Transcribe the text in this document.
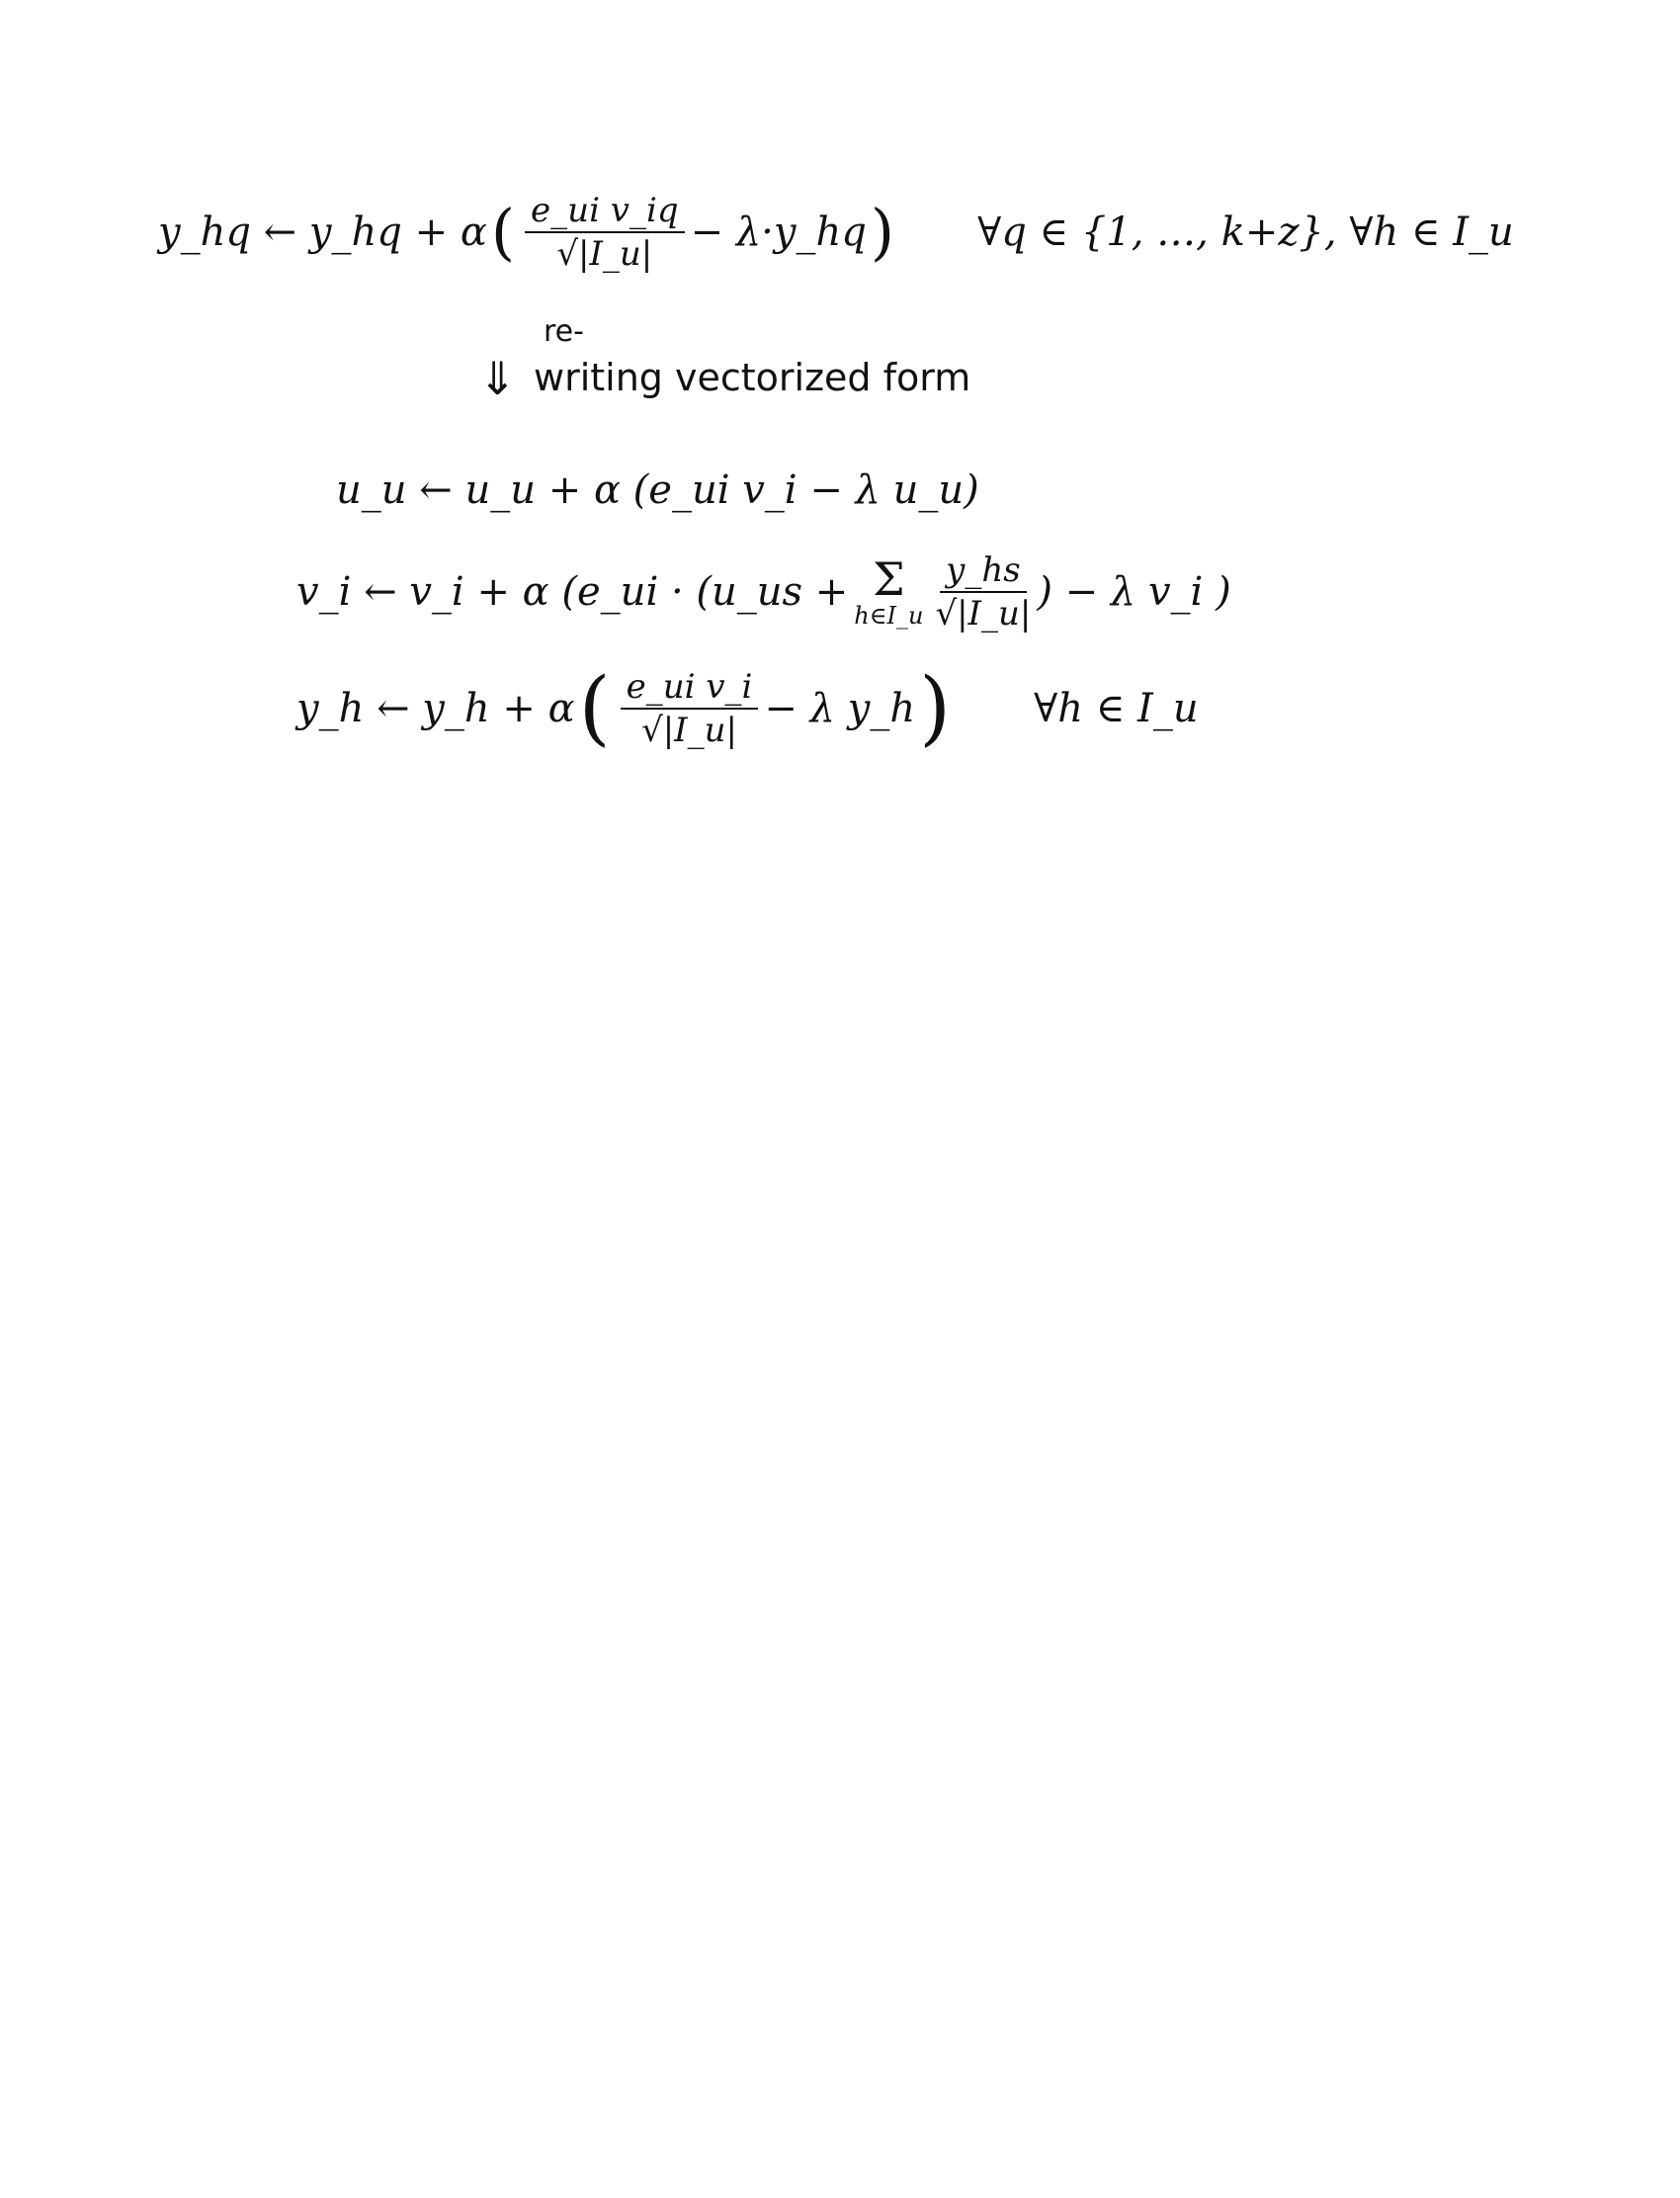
y_hq ← y_hq + α ( $\frac{\text{e\_ui v\_iq}}{√|I\_u|}$ − λ·y_hq ) ∀q ∈ {1, …, k+z}, ∀h ∈ I_u
⇓
re-
writing vectorized form
u_u ← u_u + α (e_ui v_i − λ u_u)
v_i ← v_i + α (e_ui · (u_us + Σ
h∈I_u $\frac{y\_hs}{√|I\_u|}$ ) − λ v_i )
y_h ← y_h + α ( $\frac{\text{e\_ui v\_i}}{√|I\_u|} - \lambda$ y_h ) ∀h ∈ I_u
